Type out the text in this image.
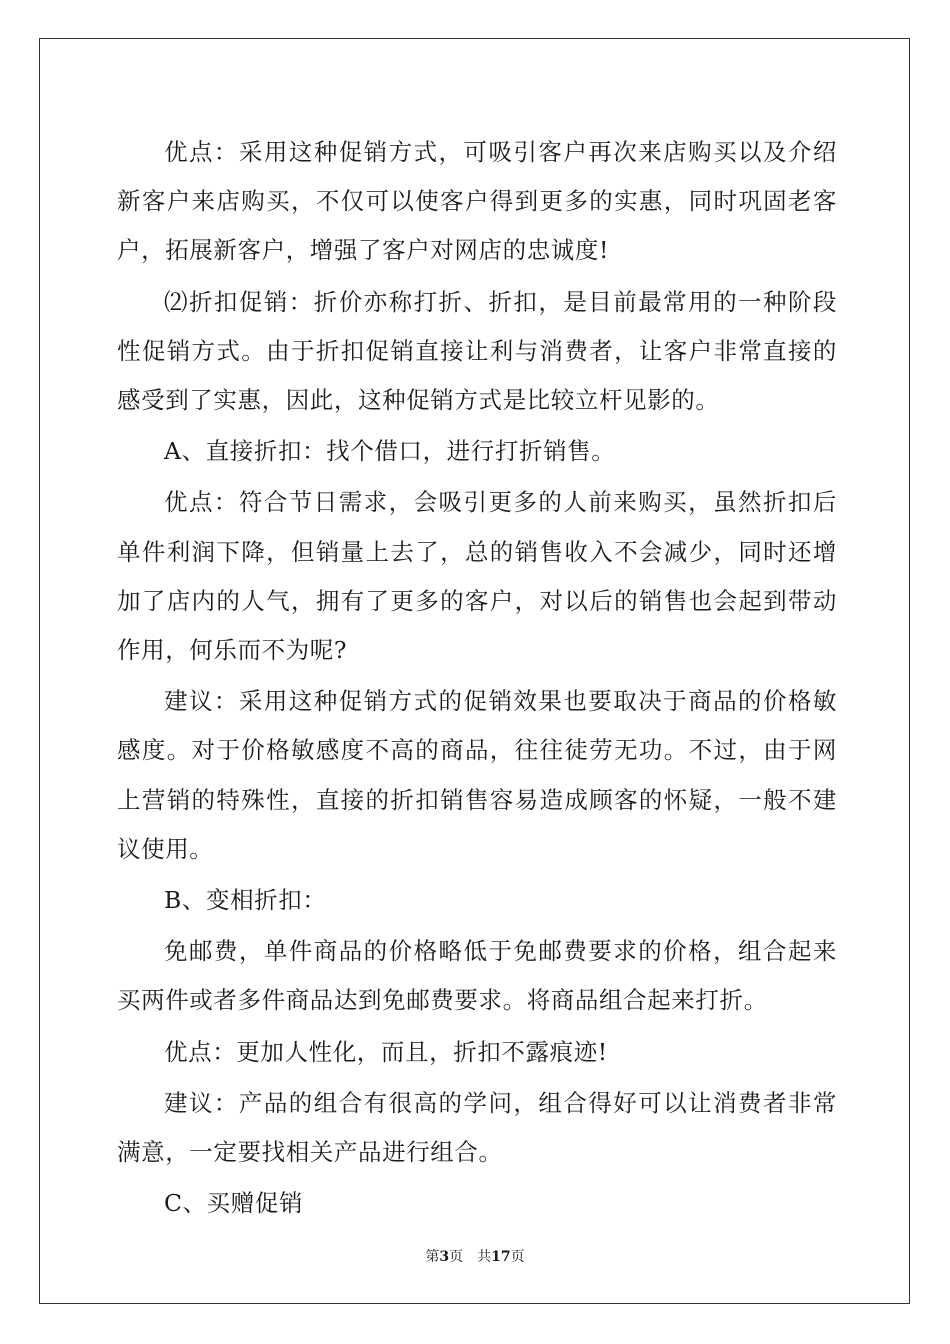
优点：采用这种促销方式，可吸引客户再次来店购买以及介绍新客户来店购买，不仅可以使客户得到更多的实惠，同时巩固老客户，拓展新客户，增强了客户对网店的忠诚度!

⑵折扣促销：折价亦称打折、折扣，是目前最常用的一种阶段性促销方式。由于折扣促销直接让利与消费者，让客户非常直接的感受到了实惠，因此，这种促销方式是比较立杆见影的。

A、直接折扣：找个借口，进行打折销售。

优点：符合节日需求，会吸引更多的人前来购买，虽然折扣后单件利润下降，但销量上去了，总的销售收入不会减少，同时还增加了店内的人气，拥有了更多的客户，对以后的销售也会起到带动作用，何乐而不为呢?

建议：采用这种促销方式的促销效果也要取决于商品的价格敏感度。对于价格敏感度不高的商品，往往徒劳无功。不过，由于网上营销的特殊性，直接的折扣销售容易造成顾客的怀疑，一般不建议使用。

B、变相折扣：

免邮费，单件商品的价格略低于免邮费要求的价格，组合起来买两件或者多件商品达到免邮费要求。将商品组合起来打折。

优点：更加人性化，而且，折扣不露痕迹!

建议：产品的组合有很高的学问，组合得好可以让消费者非常满意，一定要找相关产品进行组合。

C、买赠促销

第3页 共17页
